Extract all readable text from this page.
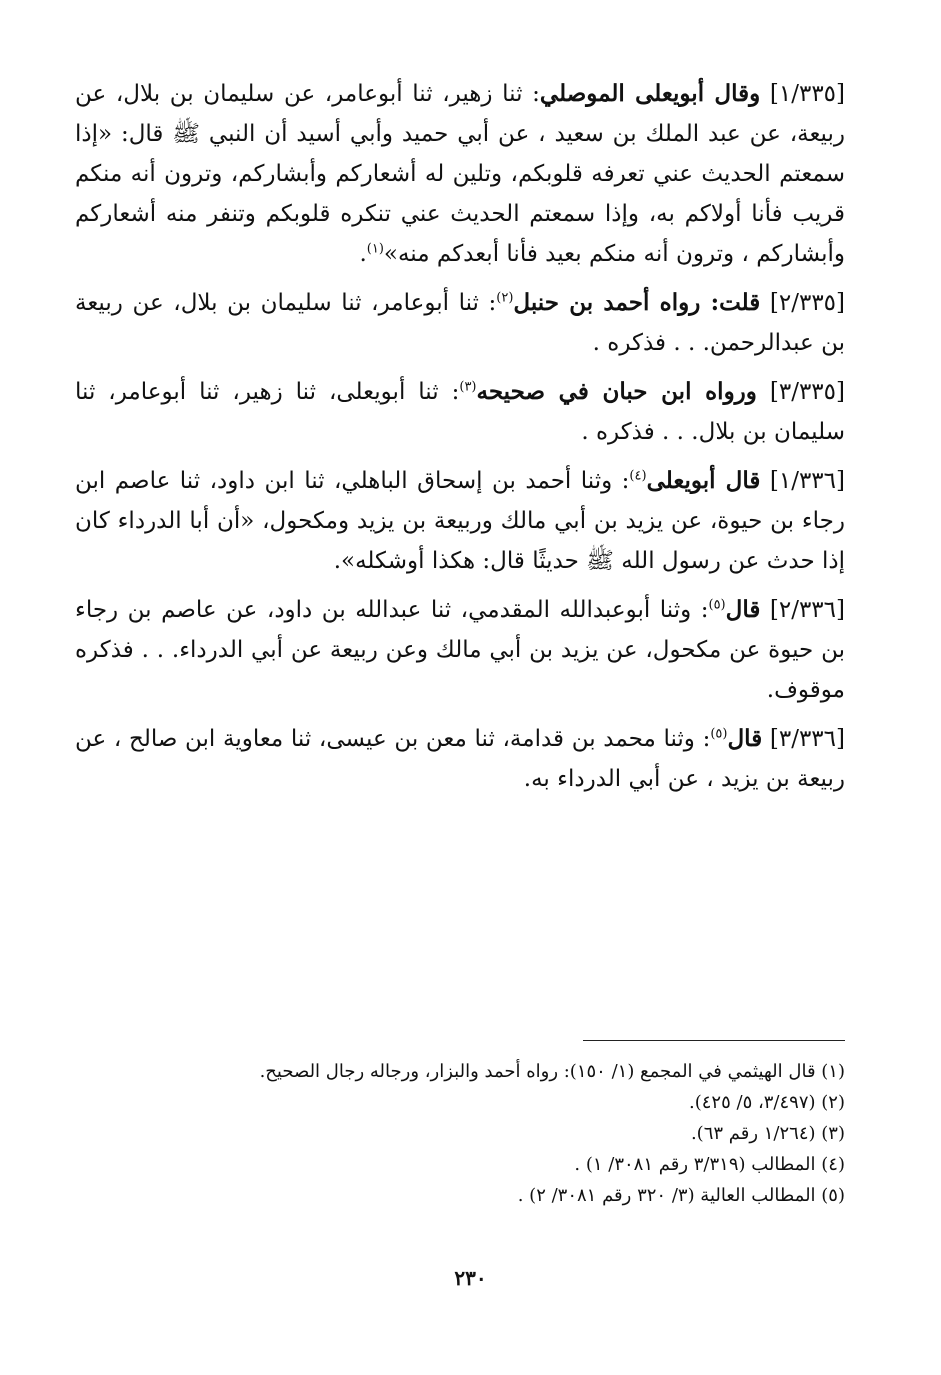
[١/٣٣٥] وقال أبويعلى الموصلي: ثنا زهير، ثنا أبوعامر، عن سليمان بن بلال، عن ربيعة، عن عبد الملك بن سعيد ، عن أبي حميد وأبي أسيد أن النبي ﷺ قال: «إذا سمعتم الحديث عني تعرفه قلوبكم، وتلين له أشعاركم وأبشاركم، وترون أنه منكم قريب فأنا أولاكم به، وإذا سمعتم الحديث عني تنكره قلوبكم وتنفر منه أشعاركم وأبشاركم ، وترون أنه منكم بعيد فأنا أبعدكم منه»$^{(١)}$.

[٢/٣٣٥] قلت: رواه أحمد بن حنبل$^{(٢)}$: ثنا أبوعامر، ثنا سليمان بن بلال، عن ربيعة بن عبدالرحمن. . . فذكره .

[٣/٣٣٥] ورواه ابن حبان في صحيحه$^{(٣)}$: ثنا أبويعلى، ثنا زهير، ثنا أبوعامر، ثنا سليمان بن بلال. . . فذكره .

[١/٣٣٦] قال أبويعلى$^{(٤)}$: وثنا أحمد بن إسحاق الباهلي، ثنا ابن داود، ثنا عاصم ابن رجاء بن حيوة، عن يزيد بن أبي مالك وربيعة بن يزيد ومكحول، «أن أبا الدرداء كان إذا حدث عن رسول الله ﷺ حديثًا قال: هكذا أوشكله».

[٢/٣٣٦] قال$^{(٥)}$: وثنا أبوعبدالله المقدمي، ثنا عبدالله بن داود، عن عاصم بن رجاء بن حيوة عن مكحول، عن يزيد بن أبي مالك وعن ربيعة عن أبي الدرداء. . . فذكره موقوف.

[٣/٣٣٦] قال$^{(٥)}$: وثنا محمد بن قدامة، ثنا معن بن عيسى، ثنا معاوية ابن صالح ، عن ربيعة بن يزيد ، عن أبي الدرداء به.

(١) قال الهيثمي في المجمع (١/ ١٥٠): رواه أحمد والبزار، ورجاله رجال الصحيح.
(٢) (٣/٤٩٧، ٥/ ٤٢٥).
(٣) (١/٢٦٤ رقم ٦٣).
(٤) المطالب (٣/٣١٩ رقم ٣٠٨١/ ١) .
(٥) المطالب العالية (٣/ ٣٢٠ رقم ٣٠٨١/ ٢) .
٢٣٠
